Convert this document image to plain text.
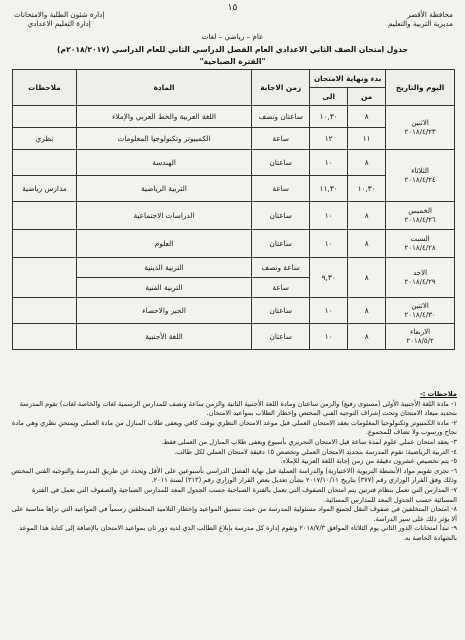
١٥
محافظة الأقصر
مديرية التربية والتعليم
إدارة شئون الطلبة والامتحانات
إدارة التعليم الاعدادي
عام – رياضي – لغات
جدول امتحان الصف الثاني الاعدادي العام الفصل الدراسي الثاني للعام الدراسي (٢٠١٨/٢٠١٧م)
"الفترة الصباحية"
اليوم والتاريخ	بدء ونهاية الامتحان		زمن الاجابة	المادة	ملاحظات
	من	الى			

الاثنين
٢٠١٨/٤/٢٣	٨	١٠,٣٠	ساعتان ونصف	اللغة العربية والخط العربي والإملاء	
	١١	١٢	ساعة	الكمبيوتر وتكنولوجيا المعلومات	نظري

الثلاثاء
٢٠١٨/٤/٢٤	٨	١٠	ساعتان	الهندسة	
	١٠,٣٠	١١,٣٠	ساعة	التربية الرياضية	مدارس رياضية

الخميس
٢٠١٨/٤/٢٦	٨	١٠	ساعتان	الدراسات الاجتماعية	

السبت
٢٠١٨/٤/٢٨	٨	١٠	ساعتان	العلوم	

الاحد
٢٠١٨/٤/٢٩	٨	٩,٣٠	ساعة ونصف	التربية الدينية	
			ساعة	التربية الفنية	

الاثنين
٢٠١٨/٤/٣٠	٨	١٠	ساعتان	الجبر والاحصاء	

الاربعاء
٢٠١٨/٥/٢	٨	١٠	ساعتان	اللغة الأجنبية	
ملاحظات :-

١- مادة اللغة الأجنبية الأولى (مستوى رفيع) والزمن ساعتان ومادة اللغة الأجنبية الثانية والزمن ساعة ونصف للمدارس الرسمية لغات والخاصة لغات) تقوم المدرسة بتحديد ميعاد الامتحان وتحت إشراف التوجيه الفني المختص وإخطار الطلاب بمواعيد الامتحان.

٢- مادة الكمبيوتر وتكنولوجيا المعلومات يعقد الامتحان العملي قبل موعد الامتحان النظري بوقت كافي ويعفى طلاب المنازل من مادة العملي ويمتحن نظري وهي مادة نجاح ورسوب ولا تضاف للمجموع.

٣- يعقد امتحان عملي علوم لمدة ساعة قبل الامتحان التحريري بأسبوع ويعفى طلاب المنازل من العملي فقط.

٤- التربية الرياضية: تقوم المدرسة بتحديد الامتحان العملي وتخصص ١٥ دقيقة لامتحان العملي لكل طالب.

٥- يتم تخصيص عشرون دقيقة من زمن إجابة اللغة العربية للإملاء.

٦- تجرى تقويم مواد الأنشطة التربوية (الاختيارية) والدراسة العملية قبل نهاية الفصل الدراسي بأسبوعين على الأقل ويحدد عن طريق المدرسة والتوجيه الفني المختص وذلك وفق القرار الوزاري رقم (٣٧٧) بتاريخ ٢٠١٧/١٠/١١ بشأن تعديل بعض القرار الوزاري رقم (٣١٣) لسنة ٢٠١١.

٧- المدارس التي تعمل بنظام فترتين يتم امتحان الصفوف التي تعمل بالفترة الصباحية حسب الجدول المعد للمدارس الصباحية والصفوف التي تعمل في الفترة المسائية حسب الجدول المعد للمدارس المسائية.

٨- امتحان المتخلفين في صفوف النقل لجميع المواد مسئولية المدرسة من حيث تنسيق المواعيد وإخطار التلاميذ المتخلفين رسمياً في المواعيد التي تراها مناسبة على ألا يؤثر ذلك على سير الدراسة.

٩- تبدأ امتحانات الدور الثاني يوم الثلاثاء الموافق ٢٠١٨/٧/٣ وتقوم إدارة كل مدرسة بإبلاغ الطالب الذي لديه دور ثان بمواعيد الامتحان بالإضافة إلى كتابة هذا الموعد بالشهادة الخاصة به.
